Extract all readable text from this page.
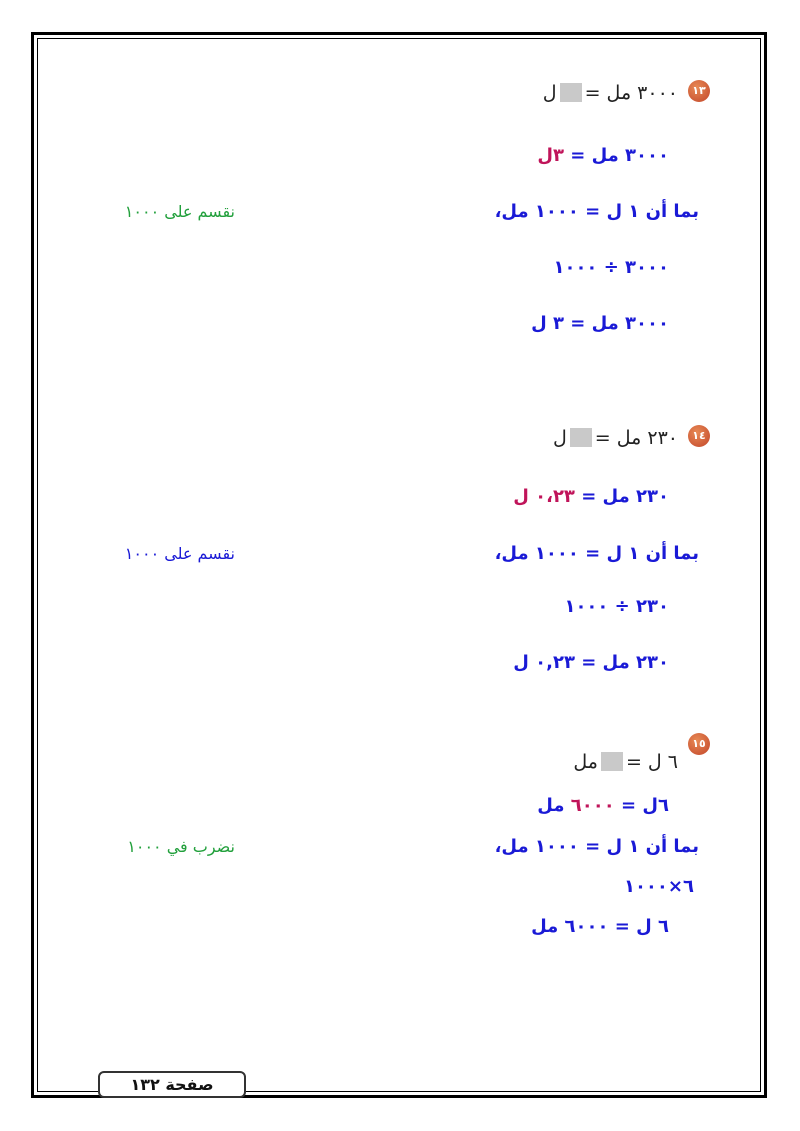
١٣
٣٠٠٠ مل =ل
٣٠٠٠ مل = ٣ل
بما أن ١ ل = ١٠٠٠ مل،
نقسم على ١٠٠٠
٣٠٠٠ ÷ ١٠٠٠
٣٠٠٠ مل = ٣ ل
١٤
٢٣٠ مل =ل
٢٣٠ مل = ٠،٢٣ ل
بما أن ١ ل = ١٠٠٠ مل،
نقسم على ١٠٠٠
٢٣٠ ÷ ١٠٠٠
٢٣٠ مل = ٠,٢٣ ل
١٥
٦ ل =مل
٦ل = ٦٠٠٠ مل
بما أن ١ ل = ١٠٠٠ مل،
نضرب في ١٠٠٠
٦×١٠٠٠
٦ ل = ٦٠٠٠ مل
صفحة ١٣٢
